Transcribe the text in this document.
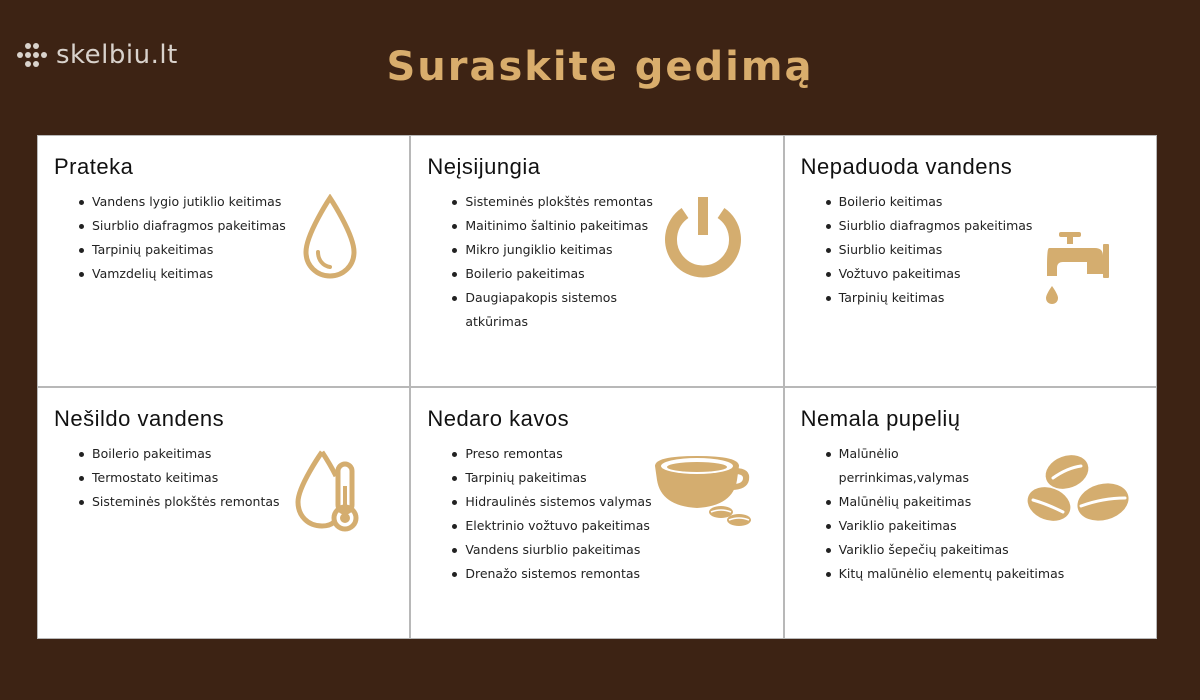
skelbiu.lt	Suraskite gedimą
Prateka
Vandens lygio jutiklio keitimas
Siurblio diafragmos pakeitimas
Tarpinių pakeitimas
Vamzdelių keitimas
Neįsijungia
Sisteminės plokštės remontas
Maitinimo šaltinio pakeitimas
Mikro jungiklio keitimas
Boilerio pakeitimas
Daugiapakopis sistemos atkūrimas
Nepaduoda vandens
Boilerio keitimas
Siurblio diafragmos pakeitimas
Siurblio keitimas
Vožtuvo pakeitimas
Tarpinių keitimas
Nešildo vandens
Boilerio pakeitimas
Termostato keitimas
Sisteminės plokštės remontas
Nedaro kavos
Preso remontas
Tarpinių pakeitimas
Hidraulinės sistemos valymas
Elektrinio vožtuvo pakeitimas
Vandens siurblio pakeitimas
Drenažo sistemos remontas
Nemala pupelių
Malūnėlio perrinkimas,valymas
Malūnėlių pakeitimas
Variklio pakeitimas
Variklio šepečių pakeitimas
Kitų malūnėlio elementų pakeitimas
